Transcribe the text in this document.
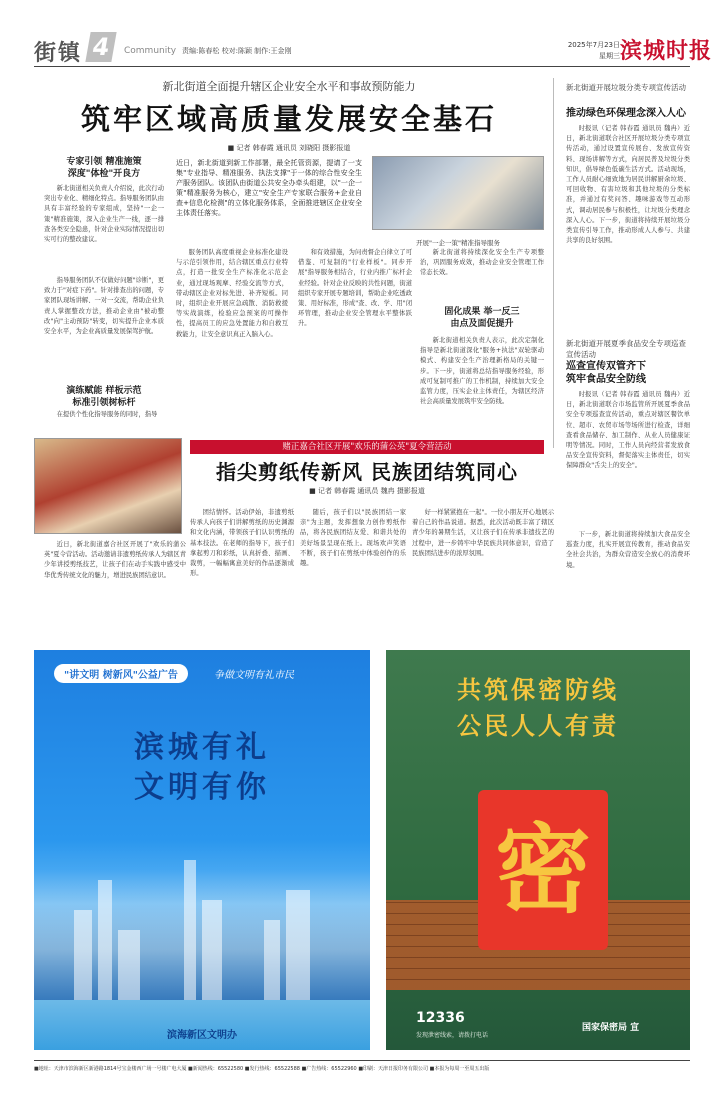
街镇 4	Community 责编:陈春松 校对:陈颖 制作:王金刚
2025年7月23日
星期三 滨城时报
新北街道全面提升辖区企业安全水平和事故预防能力
筑牢区域高质量发展安全基石
■ 记者 韩春霞 通讯员 刘晓阳 摄影报道
专家引领 精准施策
深度"体检"开良方
新北街道相关负责人介绍说，此次行动突出专业化、精细化特点。指导服务团队由具有丰富经验的专家组成，坚持"一企一策"精准施策，深入企业生产一线，逐一排查各类安全隐患，针对企业实际情况提出切实可行的整改建议。
指导服务团队不仅做好问题"诊断"，更致力于"对症下药"。针对排查出的问题，专家团队现场讲解、一对一交流，帮助企业负责人掌握整改方法，推动企业由"被动整改"向"主动预防"转变，切实提升企业本质安全水平，为企业高质量发展保驾护航。
演练赋能 样板示范
标准引领树标杆
在提供个性化指导服务的同时，指导
近日，新北街道到新工作部署，最全托管资源，提请了一支集"专业指导、精准服务、执法支撑"于一体的综合性安全生产服务团队。该团队由街道公共安全办牵头组建，以"一企一策"精准服务为核心，建立"安全生产专家联合服务+企业自查+信息化检测"的立体化服务体系，全面推进辖区企业安全主体责任落实。
开展"一企一策"精准指导服务
服务团队高度重视企业标准化建设与示范引领作用，结合辖区重点行业特点，打造一批安全生产标准化示范企业，通过现场观摩、经验交流等方式，带动辖区企业对标先进、补齐短板。同时，组织企业开展应急疏散、消防救援等实战演练，检验应急预案的可操作性，提高员工的应急处置能力和自救互救能力，让安全意识真正入脑入心。
和有效措施，为问责督企自律立了可借鉴、可复制的"行业样板"。同步开展"指导服务相结合，行业内推广标杆企业经验。针对企业反映的共性问题，街道组织专家开展专题培训，帮助企业吃透政策、用好标准，形成"查、改、学、用"闭环管理，推动企业安全管理水平整体跃升。
新北街道将持续深化安全生产专项整治，巩固服务成效，推动企业安全管理工作常态长效。
固化成果 举一反三
由点及面促提升
新北街道相关负责人表示，此次定制化指导是新北街道深化"服务+执法"双轮驱动模式、构建安全生产治理新格局的关键一步。下一步，街道将总结指导服务经验，形成可复制可推广的工作机制，持续加大安全监管力度，压实企业主体责任，为辖区经济社会高质量发展筑牢安全防线。
新北街道开展垃圾分类专项宣传活动
推动绿色环保理念深入人心
时报讯（记者 韩春霞 通讯员 魏冉）近日，新北街道联合社区开展垃圾分类专项宣传活动，通过设置宣传展台、发放宣传资料、现场讲解等方式，向居民普及垃圾分类知识，倡导绿色低碳生活方式。活动现场，工作人员耐心细致地为居民讲解厨余垃圾、可回收物、有害垃圾和其他垃圾的分类标准，并通过有奖问答、趣味游戏等互动形式，调动居民参与积极性，让垃圾分类理念深入人心。下一步，街道将持续开展垃圾分类宣传引导工作，推动形成人人参与、共建共享的良好氛围。
新北街道开展夏季食品安全专项巡查宣传活动
巡查宣传双管齐下
筑牢食品安全防线
时报讯（记者 韩春霞 通讯员 魏冉）近日，新北街道联合市场监管所开展夏季食品安全专项巡查宣传活动，重点对辖区餐饮单位、超市、农贸市场等场所进行检查，详细查看食品储存、加工制作、从业人员健康证明等情况。同时，工作人员向经营者发放食品安全宣传资料，督促落实主体责任，切实保障群众"舌尖上的安全"。
下一步，新北街道将持续加大食品安全巡查力度，扎实开展宣传教育，推动食品安全社会共治，为群众营造安全放心的消费环境。
赌正嘉合社区开展"欢乐的蒲公英"夏令营活动
指尖剪纸传新风 民族团结筑同心
■ 记者 韩春霞 通讯员 魏冉 摄影报道
近日，新北街道嘉合社区开展了"欢乐的蒲公英"夏令营活动。活动邀请非遗剪纸传承人为辖区青少年讲授剪纸技艺，让孩子们在动手实践中感受中华优秀传统文化的魅力，增进民族团结意识。
团结情怀。活动伊始，非遗剪纸传承人向孩子们讲解剪纸的历史渊源和文化内涵，带领孩子们认识剪纸的基本技法。在老师的指导下，孩子们拿起剪刀和彩纸，认真折叠、描画、裁剪，一幅幅寓意美好的作品逐渐成形。
随后，孩子们以"民族团结一家亲"为主题，发挥想象力创作剪纸作品，将各民族团结友爱、和谐共处的美好场景呈现在纸上。现场欢声笑语不断，孩子们在剪纸中体验创作的乐趣。
好一样紧紧抱在一起"。一位小朋友开心地展示着自己的作品说道。据悉，此次活动既丰富了辖区青少年的暑期生活，又让孩子们在传承非遗技艺的过程中，进一步铸牢中华民族共同体意识，营造了民族团结进步的浓厚氛围。
"讲文明 树新风"公益广告	争做文明有礼市民
滨城有礼
文明有你
滨海新区文明办
共筑保密防线
公民人人有责
密
12336
发现泄密线索，请拨打电话
国家保密局 宣
■地址：天津市滨海新区新港路1814号宝金楼西广场一号楼广电大厦 ■新闻热线：65522580 ■发行热线：65522588 ■广告热线：65522960 ■印刷：天津日报印务有限公司 ■本报为每周一至周五出版
